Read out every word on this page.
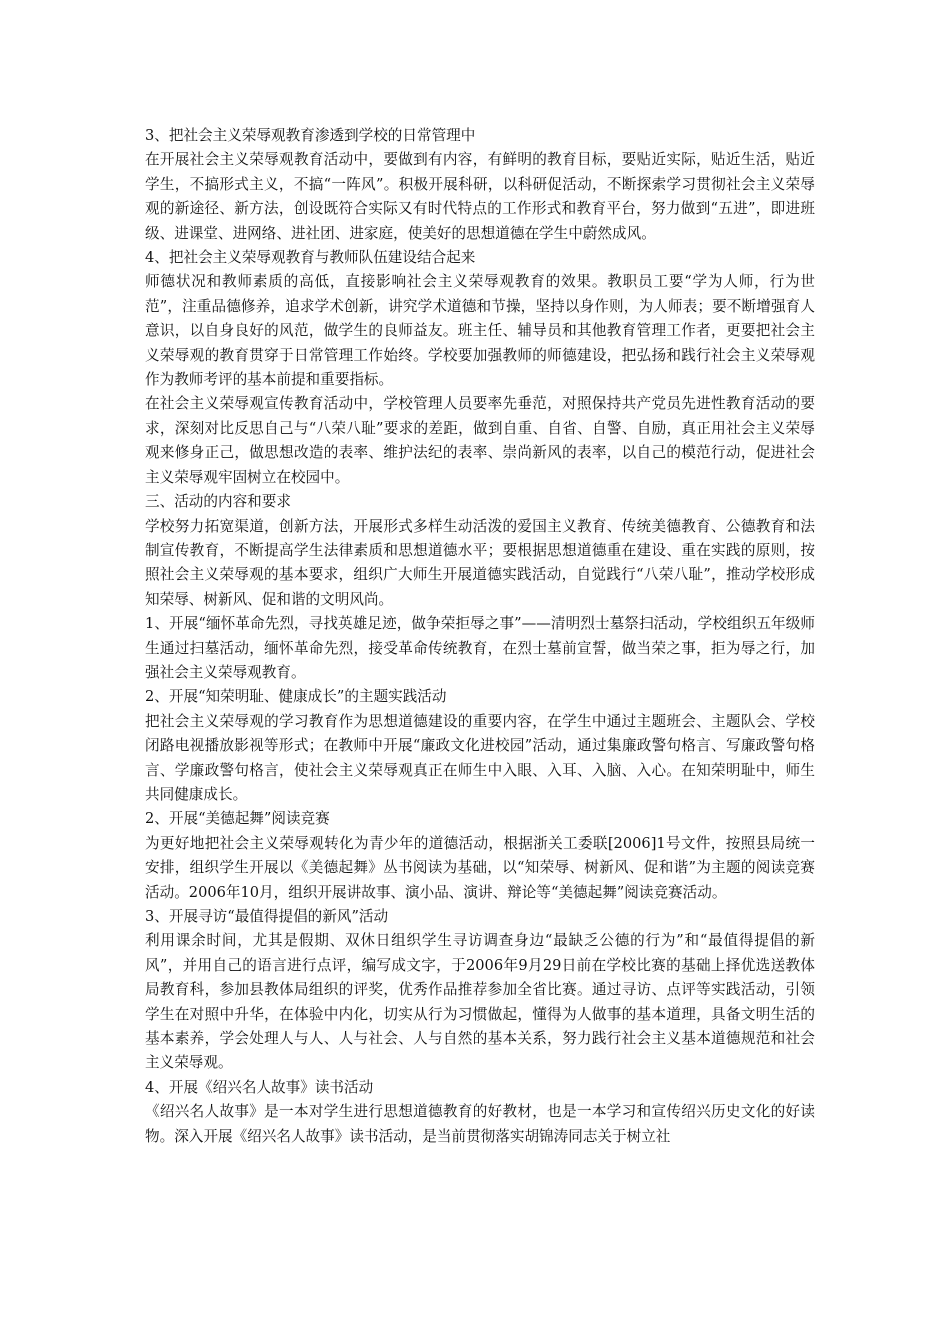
3、把社会主义荣辱观教育渗透到学校的日常管理中

在开展社会主义荣辱观教育活动中，要做到有内容，有鲜明的教育目标，要贴近实际，贴近生活，贴近学生，不搞形式主义，不搞“一阵风”。积极开展科研，以科研促活动，不断探索学习贯彻社会主义荣辱观的新途径、新方法，创设既符合实际又有时代特点的工作形式和教育平台，努力做到“五进”，即进班级、进课堂、进网络、进社团、进家庭，使美好的思想道德在学生中蔚然成风。

4、把社会主义荣辱观教育与教师队伍建设结合起来

师德状况和教师素质的高低，直接影响社会主义荣辱观教育的效果。教职员工要“学为人师，行为世范”，注重品德修养，追求学术创新，讲究学术道德和节操，坚持以身作则，为人师表；要不断增强育人意识，以自身良好的风范，做学生的良师益友。班主任、辅导员和其他教育管理工作者，更要把社会主义荣辱观的教育贯穿于日常管理工作始终。学校要加强教师的师德建设，把弘扬和践行社会主义荣辱观作为教师考评的基本前提和重要指标。

在社会主义荣辱观宣传教育活动中，学校管理人员要率先垂范，对照保持共产党员先进性教育活动的要求，深刻对比反思自己与“八荣八耻”要求的差距，做到自重、自省、自警、自励，真正用社会主义荣辱观来修身正己，做思想改造的表率、维护法纪的表率、崇尚新风的表率，以自己的模范行动，促进社会主义荣辱观牢固树立在校园中。

三、活动的内容和要求

学校努力拓宽渠道，创新方法，开展形式多样生动活泼的爱国主义教育、传统美德教育、公德教育和法制宣传教育，不断提高学生法律素质和思想道德水平；要根据思想道德重在建设、重在实践的原则，按照社会主义荣辱观的基本要求，组织广大师生开展道德实践活动，自觉践行“八荣八耻”，推动学校形成知荣辱、树新风、促和谐的文明风尚。

1、开展“缅怀革命先烈，寻找英雄足迹，做争荣拒辱之事”——清明烈士墓祭扫活动，学校组织五年级师生通过扫墓活动，缅怀革命先烈，接受革命传统教育，在烈士墓前宣誓，做当荣之事，拒为辱之行，加强社会主义荣辱观教育。

2、开展“知荣明耻、健康成长”的主题实践活动

把社会主义荣辱观的学习教育作为思想道德建设的重要内容，在学生中通过主题班会、主题队会、学校闭路电视播放影视等形式；在教师中开展“廉政文化进校园”活动，通过集廉政警句格言、写廉政警句格言、学廉政警句格言，使社会主义荣辱观真正在师生中入眼、入耳、入脑、入心。在知荣明耻中，师生共同健康成长。

2、开展“美德起舞”阅读竞赛

为更好地把社会主义荣辱观转化为青少年的道德活动，根据浙关工委联[2006]1号文件，按照县局统一安排，组织学生开展以《美德起舞》丛书阅读为基础，以“知荣辱、树新风、促和谐”为主题的阅读竞赛活动。2006年10月，组织开展讲故事、演小品、演讲、辩论等“美德起舞”阅读竞赛活动。

3、开展寻访“最值得提倡的新风”活动

利用课余时间，尤其是假期、双休日组织学生寻访调查身边“最缺乏公德的行为”和“最值得提倡的新风”，并用自己的语言进行点评，编写成文字，于2006年9月29日前在学校比赛的基础上择优选送教体局教育科，参加县教体局组织的评奖，优秀作品推荐参加全省比赛。通过寻访、点评等实践活动，引领学生在对照中升华，在体验中内化，切实从行为习惯做起，懂得为人做事的基本道理，具备文明生活的基本素养，学会处理人与人、人与社会、人与自然的基本关系，努力践行社会主义基本道德规范和社会主义荣辱观。

4、开展《绍兴名人故事》读书活动

《绍兴名人故事》是一本对学生进行思想道德教育的好教材，也是一本学习和宣传绍兴历史文化的好读物。深入开展《绍兴名人故事》读书活动，是当前贯彻落实胡锦涛同志关于树立社
